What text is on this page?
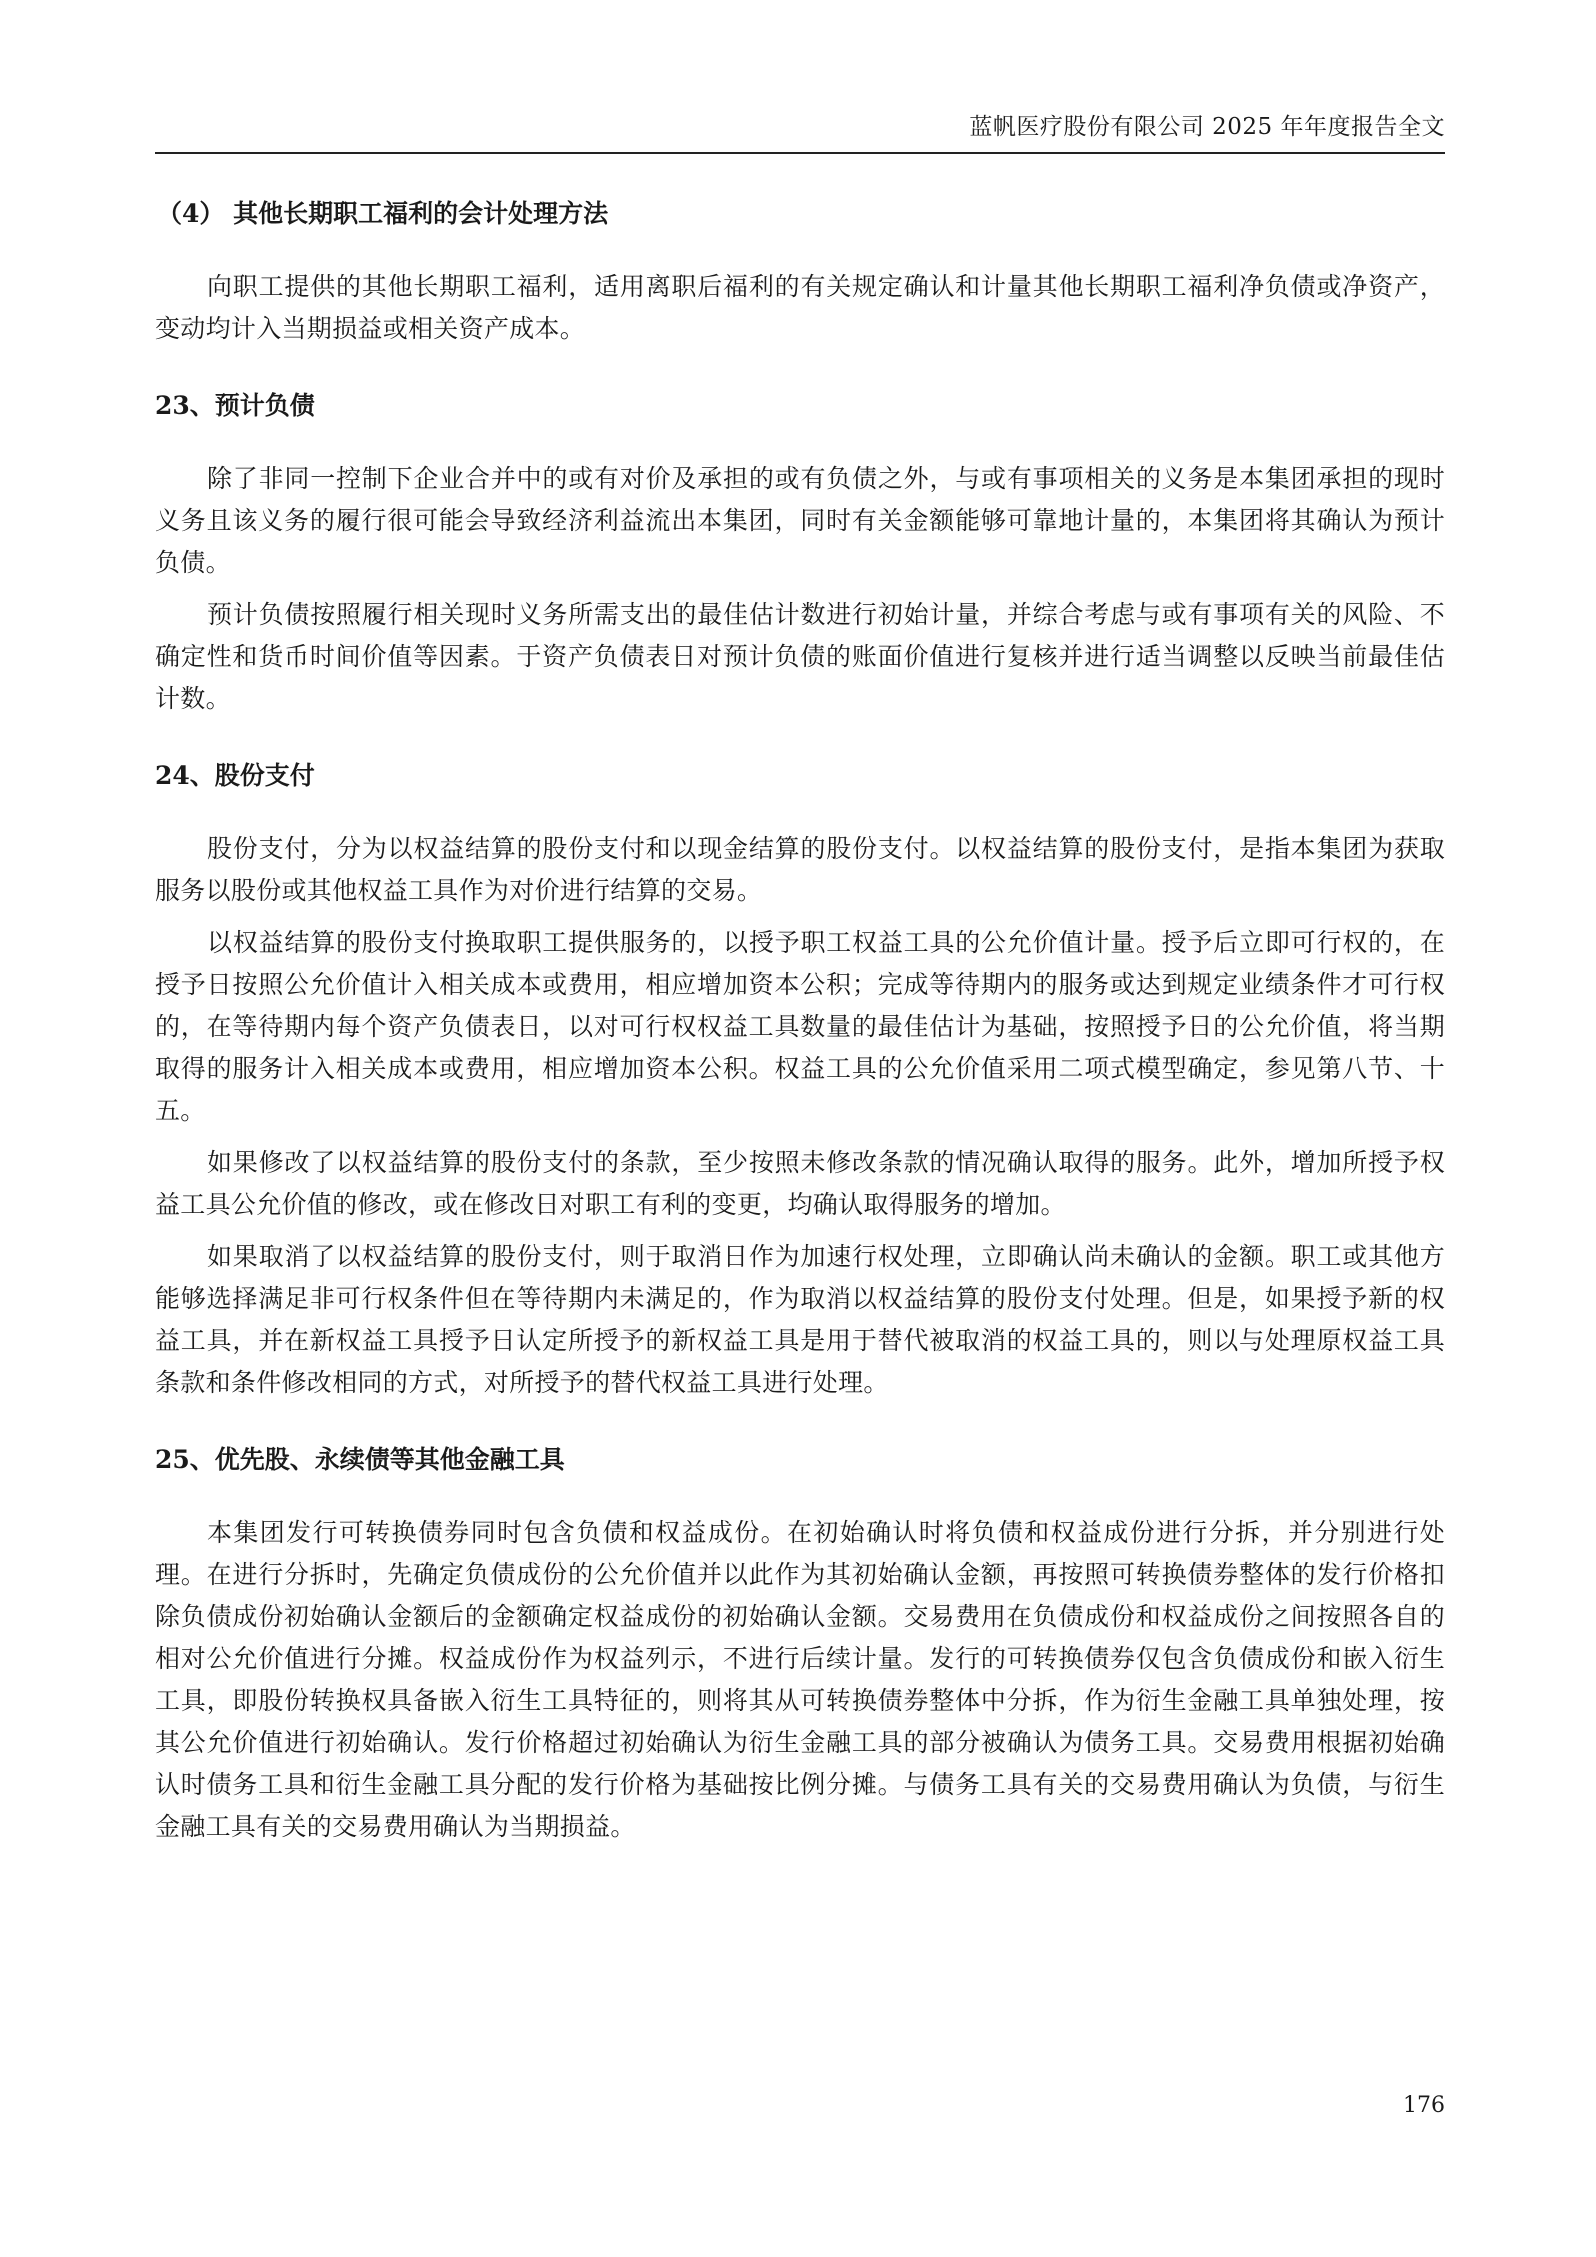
蓝帆医疗股份有限公司 2025 年年度报告全文
（4） 其他长期职工福利的会计处理方法

向职工提供的其他长期职工福利，适用离职后福利的有关规定确认和计量其他长期职工福利净负债或净资产，变动均计入当期损益或相关资产成本。

23、预计负债

除了非同一控制下企业合并中的或有对价及承担的或有负债之外，与或有事项相关的义务是本集团承担的现时义务且该义务的履行很可能会导致经济利益流出本集团，同时有关金额能够可靠地计量的，本集团将其确认为预计负债。

预计负债按照履行相关现时义务所需支出的最佳估计数进行初始计量，并综合考虑与或有事项有关的风险、不确定性和货币时间价值等因素。于资产负债表日对预计负债的账面价值进行复核并进行适当调整以反映当前最佳估计数。

24、股份支付

股份支付，分为以权益结算的股份支付和以现金结算的股份支付。以权益结算的股份支付，是指本集团为获取服务以股份或其他权益工具作为对价进行结算的交易。

以权益结算的股份支付换取职工提供服务的，以授予职工权益工具的公允价值计量。授予后立即可行权的，在授予日按照公允价值计入相关成本或费用，相应增加资本公积；完成等待期内的服务或达到规定业绩条件才可行权的，在等待期内每个资产负债表日，以对可行权权益工具数量的最佳估计为基础，按照授予日的公允价值，将当期取得的服务计入相关成本或费用，相应增加资本公积。权益工具的公允价值采用二项式模型确定，参见第八节、十五。

如果修改了以权益结算的股份支付的条款，至少按照未修改条款的情况确认取得的服务。此外，增加所授予权益工具公允价值的修改，或在修改日对职工有利的变更，均确认取得服务的增加。

如果取消了以权益结算的股份支付，则于取消日作为加速行权处理，立即确认尚未确认的金额。职工或其他方能够选择满足非可行权条件但在等待期内未满足的，作为取消以权益结算的股份支付处理。但是，如果授予新的权益工具，并在新权益工具授予日认定所授予的新权益工具是用于替代被取消的权益工具的，则以与处理原权益工具条款和条件修改相同的方式，对所授予的替代权益工具进行处理。

25、优先股、永续债等其他金融工具

本集团发行可转换债券同时包含负债和权益成份。在初始确认时将负债和权益成份进行分拆，并分别进行处理。在进行分拆时，先确定负债成份的公允价值并以此作为其初始确认金额，再按照可转换债券整体的发行价格扣除负债成份初始确认金额后的金额确定权益成份的初始确认金额。交易费用在负债成份和权益成份之间按照各自的相对公允价值进行分摊。权益成份作为权益列示，不进行后续计量。发行的可转换债券仅包含负债成份和嵌入衍生工具，即股份转换权具备嵌入衍生工具特征的，则将其从可转换债券整体中分拆，作为衍生金融工具单独处理，按其公允价值进行初始确认。发行价格超过初始确认为衍生金融工具的部分被确认为债务工具。交易费用根据初始确认时债务工具和衍生金融工具分配的发行价格为基础按比例分摊。与债务工具有关的交易费用确认为负债，与衍生金融工具有关的交易费用确认为当期损益。

176
